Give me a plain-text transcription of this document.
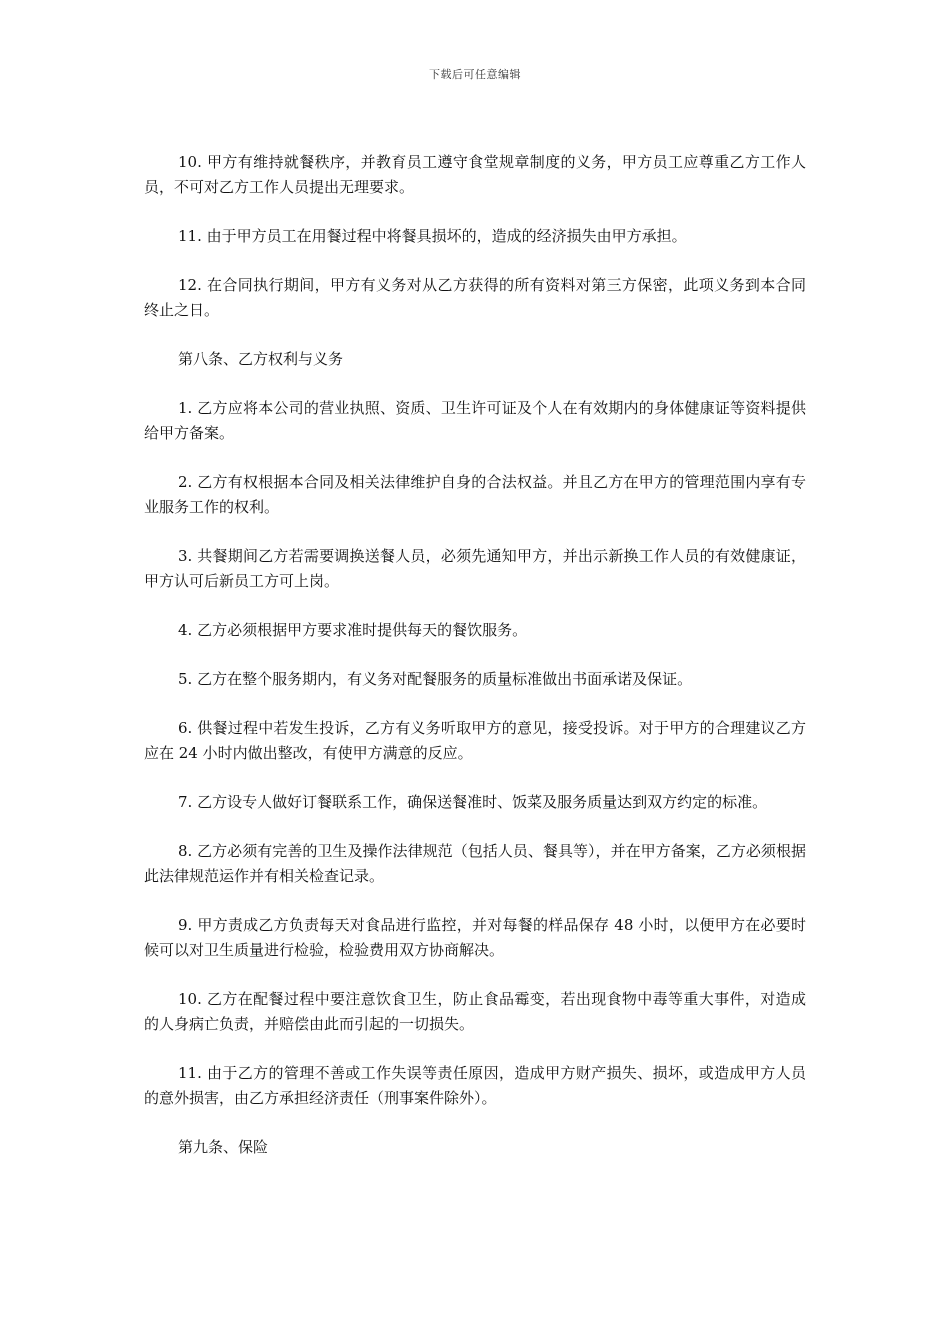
下载后可任意编辑

10. 甲方有维持就餐秩序，并教育员工遵守食堂规章制度的义务，甲方员工应尊重乙方工作人员，不可对乙方工作人员提出无理要求。

11. 由于甲方员工在用餐过程中将餐具损坏的，造成的经济损失由甲方承担。

12. 在合同执行期间，甲方有义务对从乙方获得的所有资料对第三方保密，此项义务到本合同终止之日。

第八条、乙方权利与义务

1. 乙方应将本公司的营业执照、资质、卫生许可证及个人在有效期内的身体健康证等资料提供给甲方备案。

2. 乙方有权根据本合同及相关法律维护自身的合法权益。并且乙方在甲方的管理范围内享有专业服务工作的权利。

3. 共餐期间乙方若需要调换送餐人员，必须先通知甲方，并出示新换工作人员的有效健康证，甲方认可后新员工方可上岗。

4. 乙方必须根据甲方要求准时提供每天的餐饮服务。

5. 乙方在整个服务期内，有义务对配餐服务的质量标准做出书面承诺及保证。

6. 供餐过程中若发生投诉，乙方有义务听取甲方的意见，接受投诉。对于甲方的合理建议乙方应在 24 小时内做出整改，有使甲方满意的反应。

7. 乙方设专人做好订餐联系工作，确保送餐准时、饭菜及服务质量达到双方约定的标准。

8. 乙方必须有完善的卫生及操作法律规范（包括人员、餐具等），并在甲方备案，乙方必须根据此法律规范运作并有相关检查记录。

9. 甲方责成乙方负责每天对食品进行监控，并对每餐的样品保存 48 小时，以便甲方在必要时候可以对卫生质量进行检验，检验费用双方协商解决。

10. 乙方在配餐过程中要注意饮食卫生，防止食品霉变，若出现食物中毒等重大事件，对造成的人身病亡负责，并赔偿由此而引起的一切损失。

11. 由于乙方的管理不善或工作失误等责任原因，造成甲方财产损失、损坏，或造成甲方人员的意外损害，由乙方承担经济责任（刑事案件除外）。

第九条、保险
